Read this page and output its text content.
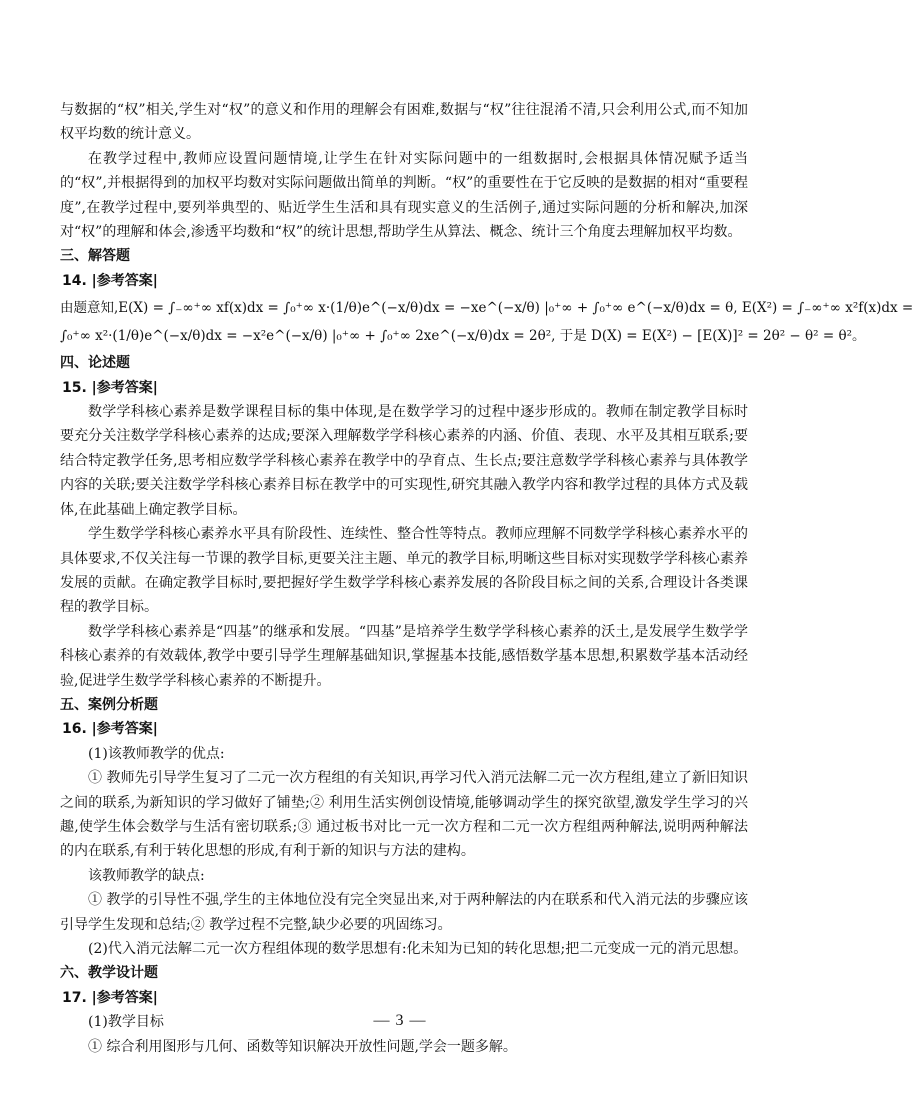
与数据的“权”相关,学生对“权”的意义和作用的理解会有困难,数据与“权”往往混淆不清,只会利用公式,而不知加权平均数的统计意义。

在教学过程中,教师应设置问题情境,让学生在针对实际问题中的一组数据时,会根据具体情况赋予适当的“权”,并根据得到的加权平均数对实际问题做出简单的判断。“权”的重要性在于它反映的是数据的相对“重要程度”,在教学过程中,要列举典型的、贴近学生生活和具有现实意义的生活例子,通过实际问题的分析和解决,加深对“权”的理解和体会,渗透平均数和“权”的统计思想,帮助学生从算法、概念、统计三个角度去理解加权平均数。

三、解答题

14. |参考答案|

由题意知,E(X) = ∫₋∞⁺∞ xf(x)dx = ∫₀⁺∞ x·(1/θ)e^(−x/θ)dx = −xe^(−x/θ) |₀⁺∞ + ∫₀⁺∞ e^(−x/θ)dx = θ, E(X²) = ∫₋∞⁺∞ x²f(x)dx =

∫₀⁺∞ x²·(1/θ)e^(−x/θ)dx = −x²e^(−x/θ) |₀⁺∞ + ∫₀⁺∞ 2xe^(−x/θ)dx = 2θ², 于是 D(X) = E(X²) − [E(X)]² = 2θ² − θ² = θ²。

四、论述题

15. |参考答案|

数学学科核心素养是数学课程目标的集中体现,是在数学学习的过程中逐步形成的。教师在制定教学目标时要充分关注数学学科核心素养的达成;要深入理解数学学科核心素养的内涵、价值、表现、水平及其相互联系;要结合特定教学任务,思考相应数学学科核心素养在教学中的孕育点、生长点;要注意数学学科核心素养与具体教学内容的关联;要关注数学学科核心素养目标在教学中的可实现性,研究其融入教学内容和教学过程的具体方式及载体,在此基础上确定教学目标。

学生数学学科核心素养水平具有阶段性、连续性、整合性等特点。教师应理解不同数学学科核心素养水平的具体要求,不仅关注每一节课的教学目标,更要关注主题、单元的教学目标,明晰这些目标对实现数学学科核心素养发展的贡献。在确定教学目标时,要把握好学生数学学科核心素养发展的各阶段目标之间的关系,合理设计各类课程的教学目标。

数学学科核心素养是“四基”的继承和发展。“四基”是培养学生数学学科核心素养的沃土,是发展学生数学学科核心素养的有效载体,教学中要引导学生理解基础知识,掌握基本技能,感悟数学基本思想,积累数学基本活动经验,促进学生数学学科核心素养的不断提升。

五、案例分析题

16. |参考答案|

(1)该教师教学的优点:

① 教师先引导学生复习了二元一次方程组的有关知识,再学习代入消元法解二元一次方程组,建立了新旧知识之间的联系,为新知识的学习做好了铺垫;② 利用生活实例创设情境,能够调动学生的探究欲望,激发学生学习的兴趣,使学生体会数学与生活有密切联系;③ 通过板书对比一元一次方程和二元一次方程组两种解法,说明两种解法的内在联系,有利于转化思想的形成,有利于新的知识与方法的建构。

该教师教学的缺点:

① 教学的引导性不强,学生的主体地位没有完全突显出来,对于两种解法的内在联系和代入消元法的步骤应该引导学生发现和总结;② 教学过程不完整,缺少必要的巩固练习。

(2)代入消元法解二元一次方程组体现的数学思想有:化未知为已知的转化思想;把二元变成一元的消元思想。

六、教学设计题

17. |参考答案|

(1)教学目标

① 综合利用图形与几何、函数等知识解决开放性问题,学会一题多解。

— 3 —
